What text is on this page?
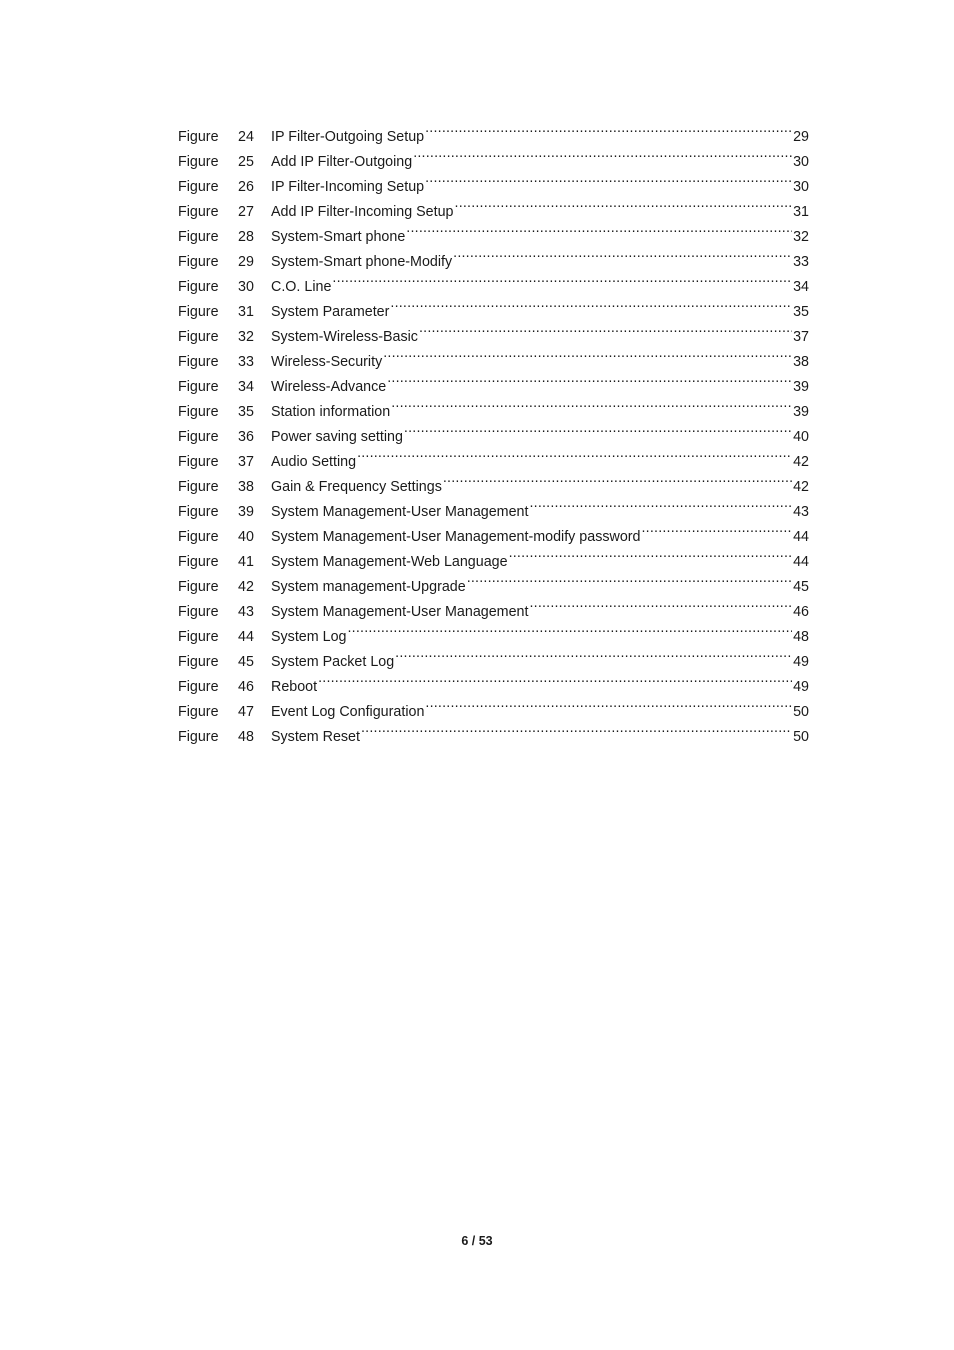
Figure	24	IP Filter-Outgoing Setup .....	29
Figure	25	Add IP Filter-Outgoing .....	30
Figure	26	IP Filter-Incoming Setup .....	30
Figure	27	Add IP Filter-Incoming Setup .....	31
Figure	28	System-Smart phone .....	32
Figure	29	System-Smart phone-Modify .....	33
Figure	30	C.O. Line .....	34
Figure	31	System Parameter .....	35
Figure	32	System-Wireless-Basic .....	37
Figure	33	Wireless-Security .....	38
Figure	34	Wireless-Advance .....	39
Figure	35	Station information .....	39
Figure	36	Power saving setting .....	40
Figure	37	Audio Setting .....	42
Figure	38	Gain & Frequency Settings .....	42
Figure	39	System Management-User Management .....	43
Figure	40	System Management-User Management-modify password .....	44
Figure	41	System Management-Web Language .....	44
Figure	42	System management-Upgrade .....	45
Figure	43	System Management-User Management .....	46
Figure	44	System Log .....	48
Figure	45	System Packet Log .....	49
Figure	46	Reboot .....	49
Figure	47	Event Log Configuration .....	50
Figure	48	System Reset .....	50
6 / 53
